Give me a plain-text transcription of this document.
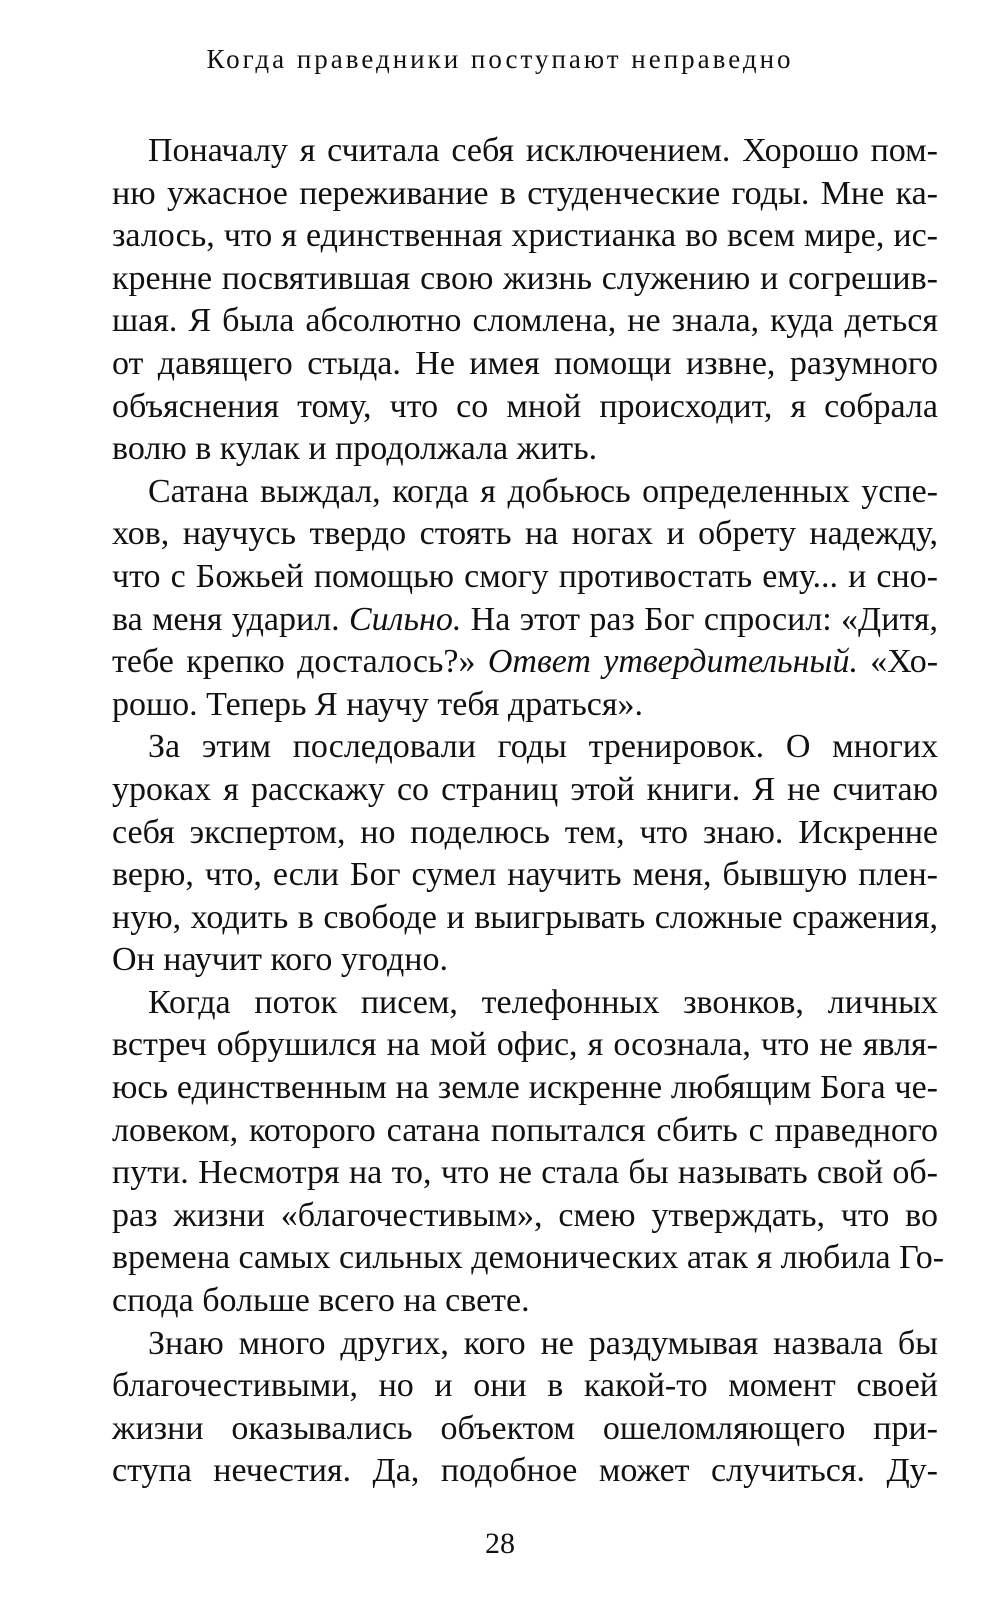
Когда праведники поступают неправедно
Поначалу я считала себя исключением. Хорошо пом-
ню ужасное переживание в студенческие годы. Мне ка-
залось, что я единственная христианка во всем мире, ис-
кренне посвятившая свою жизнь служению и согрешив-
шая. Я была абсолютно сломлена, не знала, куда деться
от давящего стыда. Не имея помощи извне, разумного
объяснения тому, что со мной происходит, я собрала
волю в кулак и продолжала жить.
Сатана выждал, когда я добьюсь определенных успе-
хов, научусь твердо стоять на ногах и обрету надежду,
что с Божьей помощью смогу противостать ему... и сно-
ва меня ударил. Сильно. На этот раз Бог спросил: «Дитя,
тебе крепко досталось?» Ответ утвердительный. «Хо-
рошо. Теперь Я научу тебя драться».
За этим последовали годы тренировок. О многих
уроках я расскажу со страниц этой книги. Я не считаю
себя экспертом, но поделюсь тем, что знаю. Искренне
верю, что, если Бог сумел научить меня, бывшую плен-
ную, ходить в свободе и выигрывать сложные сражения,
Он научит кого угодно.
Когда поток писем, телефонных звонков, личных
встреч обрушился на мой офис, я осознала, что не явля-
юсь единственным на земле искренне любящим Бога че-
ловеком, которого сатана попытался сбить с праведного
пути. Несмотря на то, что не стала бы называть свой об-
раз жизни «благочестивым», смею утверждать, что во
времена самых сильных демонических атак я любила Го-
спода больше всего на свете.
Знаю много других, кого не раздумывая назвала бы
благочестивыми, но и они в какой-то момент своей
жизни оказывались объектом ошеломляющего при-
ступа нечестия. Да, подобное может случиться. Ду-
28
